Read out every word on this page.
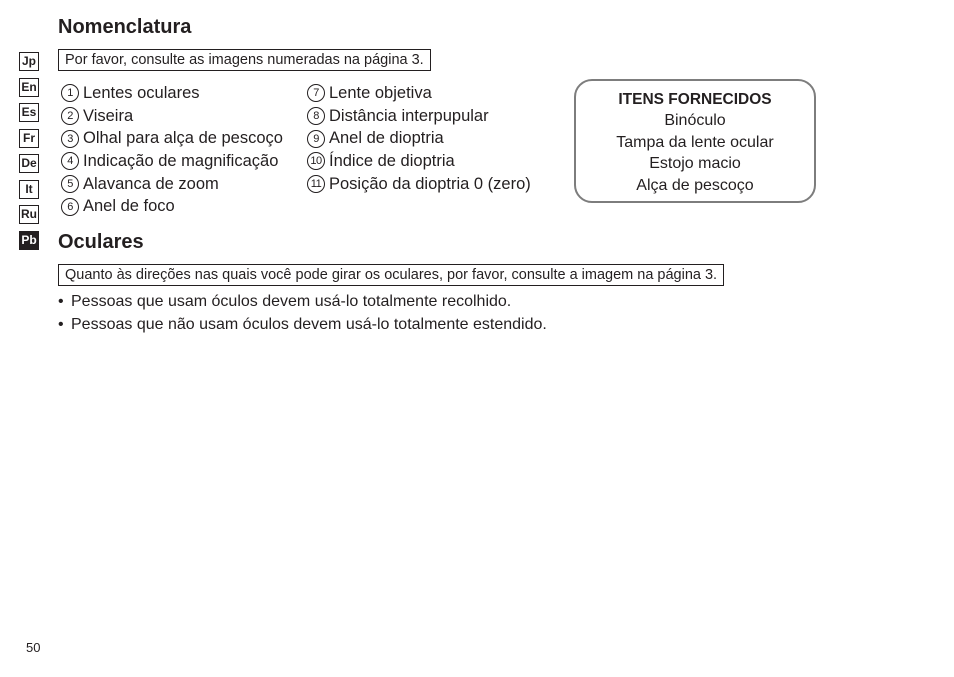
Nomenclatura
Jp
En
Es
Fr
De
It
Ru
Pb
Por favor, consulte as imagens numeradas na página 3.
1 Lentes oculares
2 Viseira
3 Olhal para alça de pescoço
4 Indicação de magnificação
5 Alavanca de zoom
6 Anel de foco
7 Lente objetiva
8 Distância interpupular
9 Anel de dioptria
10 Índice de dioptria
11 Posição da dioptria 0 (zero)
ITENS FORNECIDOS
Binóculo
Tampa da lente ocular
Estojo macio
Alça de pescoço
Oculares
Quanto às direções nas quais você pode girar os oculares, por favor, consulte a imagem na página 3.
• Pessoas que usam óculos devem usá-lo totalmente recolhido.
• Pessoas que não usam óculos devem usá-lo totalmente estendido.
50
